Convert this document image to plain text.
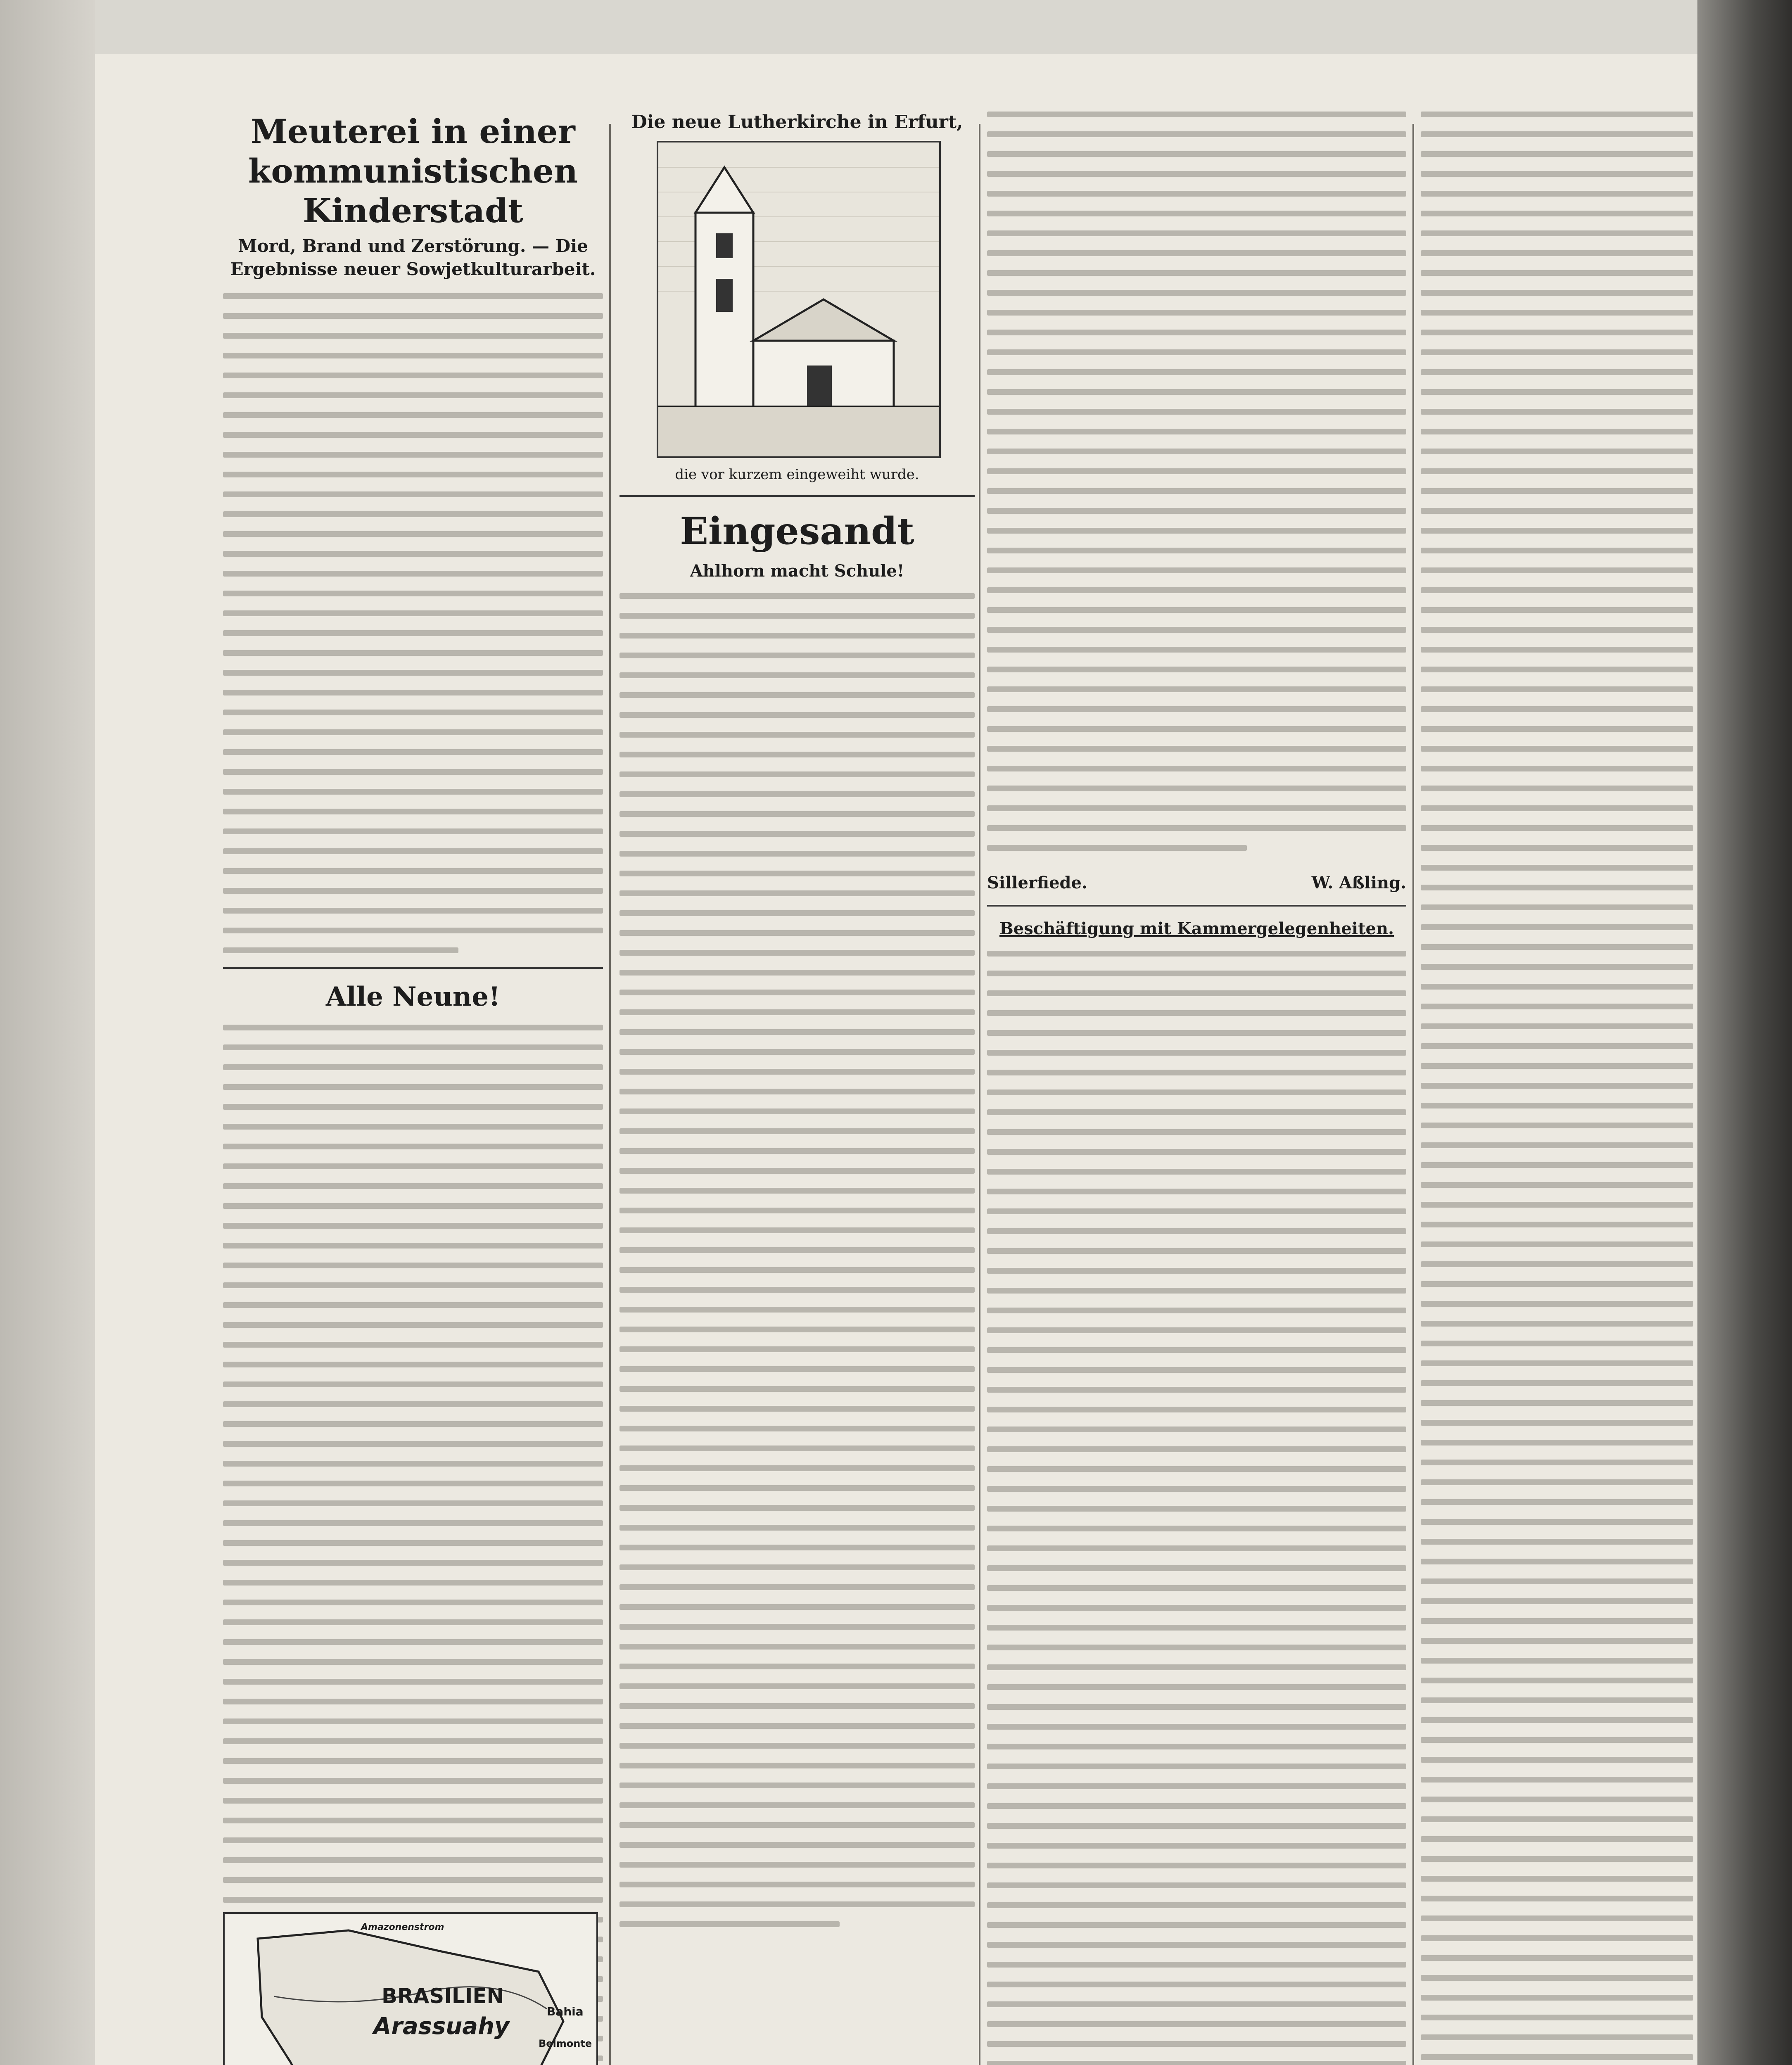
Meuterei in einer kommunistischen Kinderstadt
Mord, Brand und Zerstörung. — Die Ergebnisse neuer Sowjetkulturarbeit.
Alle Neune!
Amazonenstrom
BRASILIEN
Arassuahy
Bahia
Belmonte
Die neue Lutherkirche in Erfurt,
die vor kurzem eingeweiht wurde.
Eingesandt
Ahlhorn macht Schule!
Sillerfiede.	W. Aßling.
Beschäftigung mit Kammergelegenheiten.
